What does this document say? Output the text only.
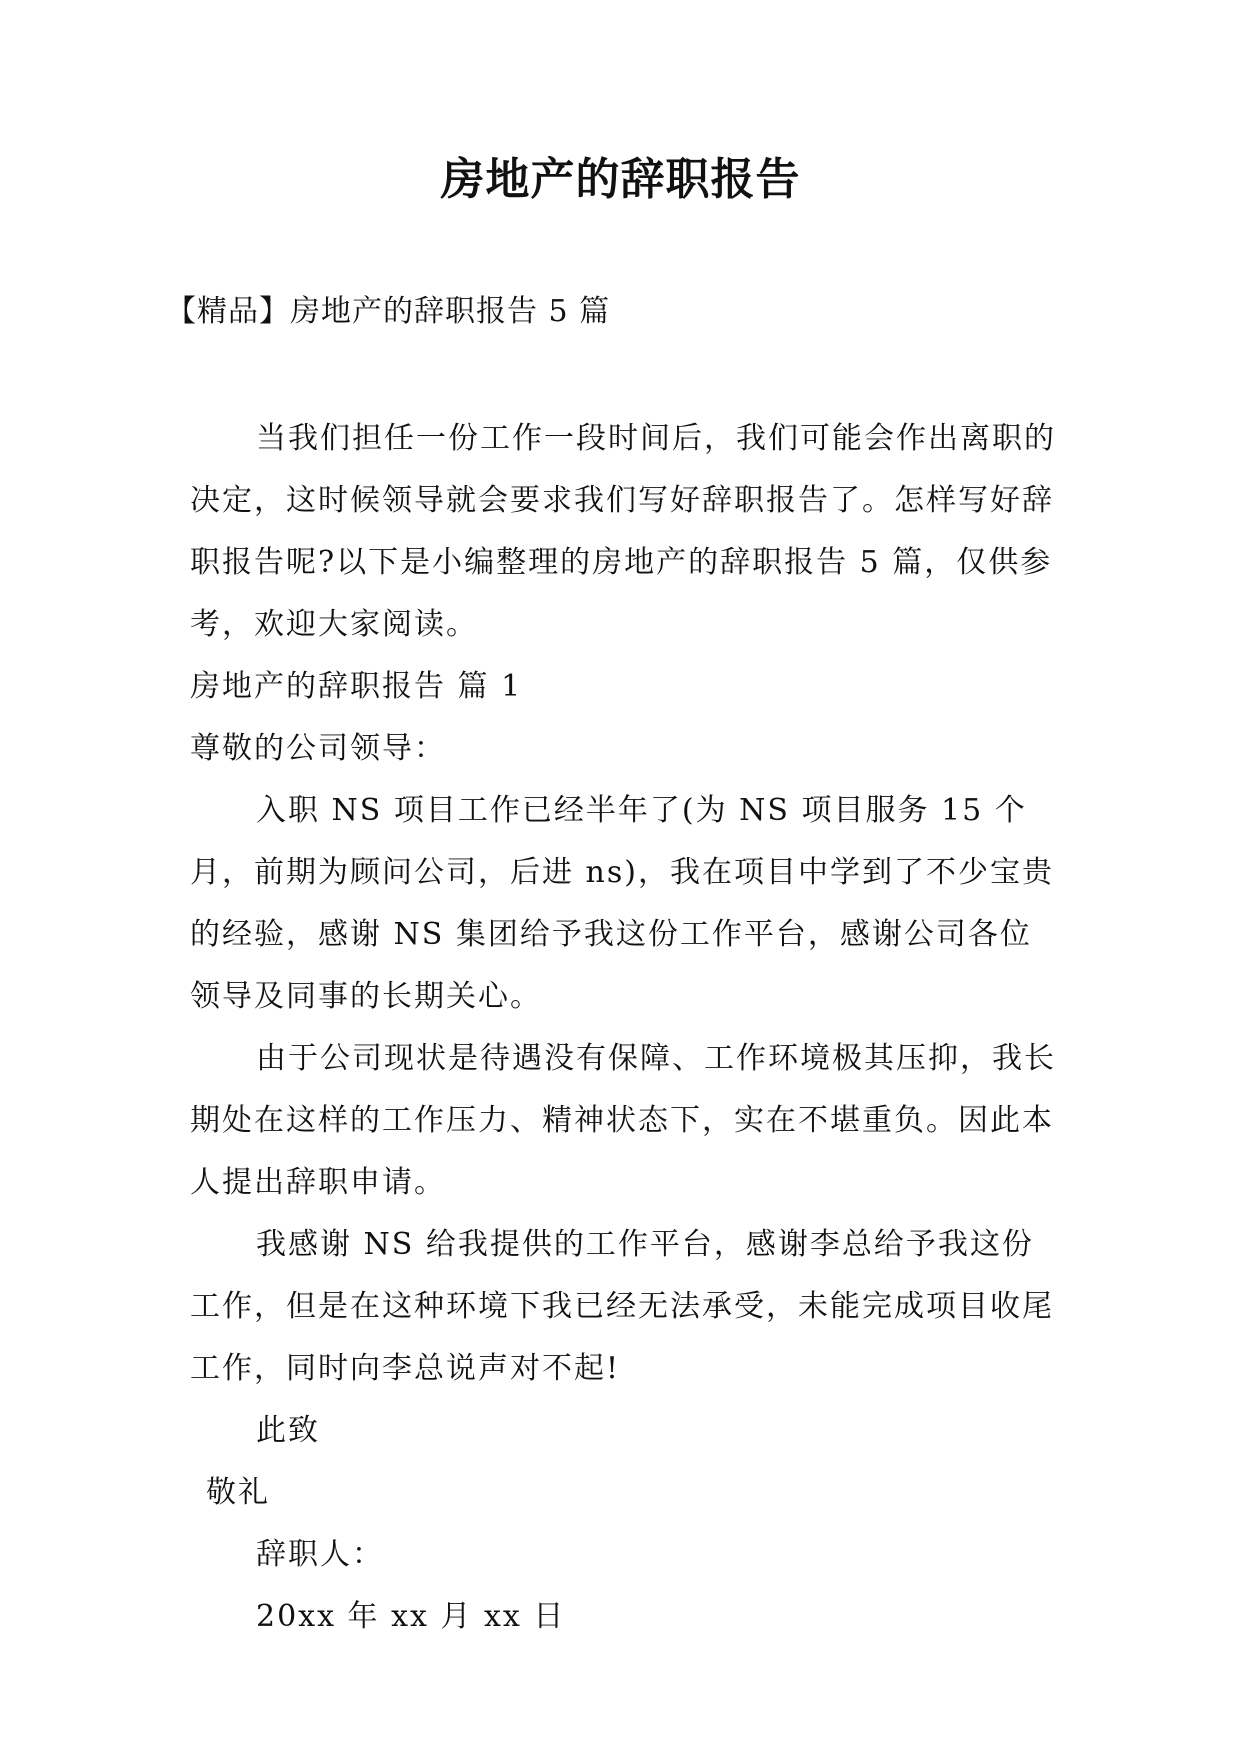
房地产的辞职报告

【精品】房地产的辞职报告 5 篇

当我们担任一份工作一段时间后，我们可能会作出离职的决定，这时候领导就会要求我们写好辞职报告了。怎样写好辞职报告呢?以下是小编整理的房地产的辞职报告 5 篇，仅供参考，欢迎大家阅读。

房地产的辞职报告 篇 1

尊敬的公司领导：

入职 NS 项目工作已经半年了(为 NS 项目服务 15 个月，前期为顾问公司，后进 ns)，我在项目中学到了不少宝贵的经验，感谢 NS 集团给予我这份工作平台，感谢公司各位领导及同事的长期关心。

由于公司现状是待遇没有保障、工作环境极其压抑，我长期处在这样的工作压力、精神状态下，实在不堪重负。因此本人提出辞职申请。

我感谢 NS 给我提供的工作平台，感谢李总给予我这份工作，但是在这种环境下我已经无法承受，未能完成项目收尾工作，同时向李总说声对不起!

此致

敬礼

辞职人：

20xx 年 xx 月 xx 日
